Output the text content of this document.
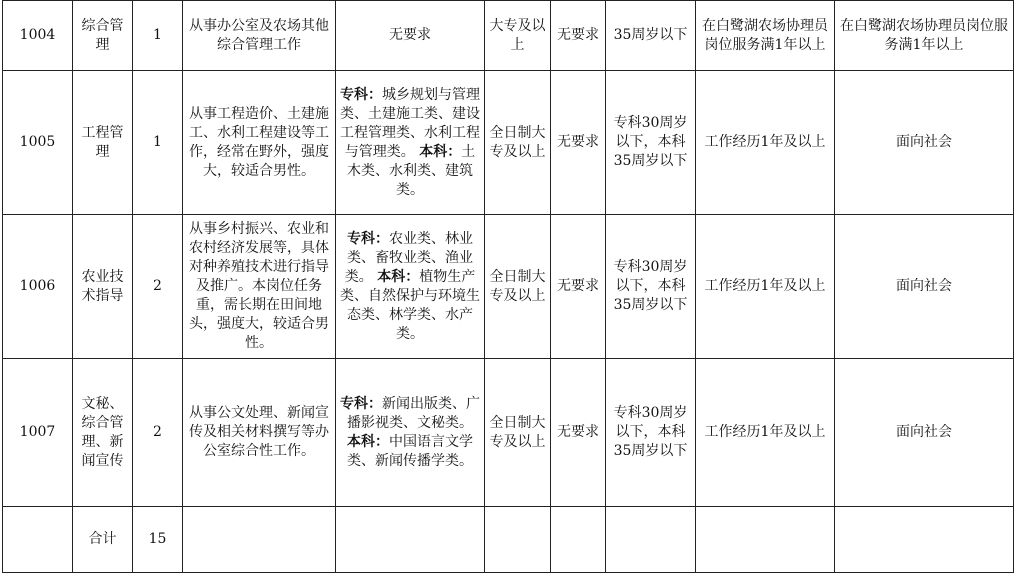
1004	综合管理	1	从事办公室及农场其他综合管理工作	无要求	大专及以上	无要求	35周岁以下	在白鹭湖农场协理员岗位服务满1年以上	在白鹭湖农场协理员岗位服务满1年以上
1005	工程管理	1	从事工程造价、土建施工、水利工程建设等工作，经常在野外，强度大，较适合男性。	专科：城乡规划与管理类、土建施工类、建设工程管理类、水利工程与管理类。 本科：土木类、水利类、建筑类。	全日制大专及以上	无要求	专科30周岁以下，本科35周岁以下	工作经历1年及以上	面向社会
1006	农业技术指导	2	从事乡村振兴、农业和农村经济发展等，具体对种养殖技术进行指导及推广。本岗位任务重，需长期在田间地头，强度大，较适合男性。	专科：农业类、林业类、畜牧业类、渔业类。 本科：植物生产类、自然保护与环境生态类、林学类、水产类。	全日制大专及以上	无要求	专科30周岁以下，本科35周岁以下	工作经历1年及以上	面向社会
1007	文秘、综合管理、新闻宣传	2	从事公文处理、新闻宣传及相关材料撰写等办公室综合性工作。	专科：新闻出版类、广播影视类、文秘类。 本科：中国语言文学类、新闻传播学类。	全日制大专及以上	无要求	专科30周岁以下，本科35周岁以下	工作经历1年及以上	面向社会
	合计	15							
